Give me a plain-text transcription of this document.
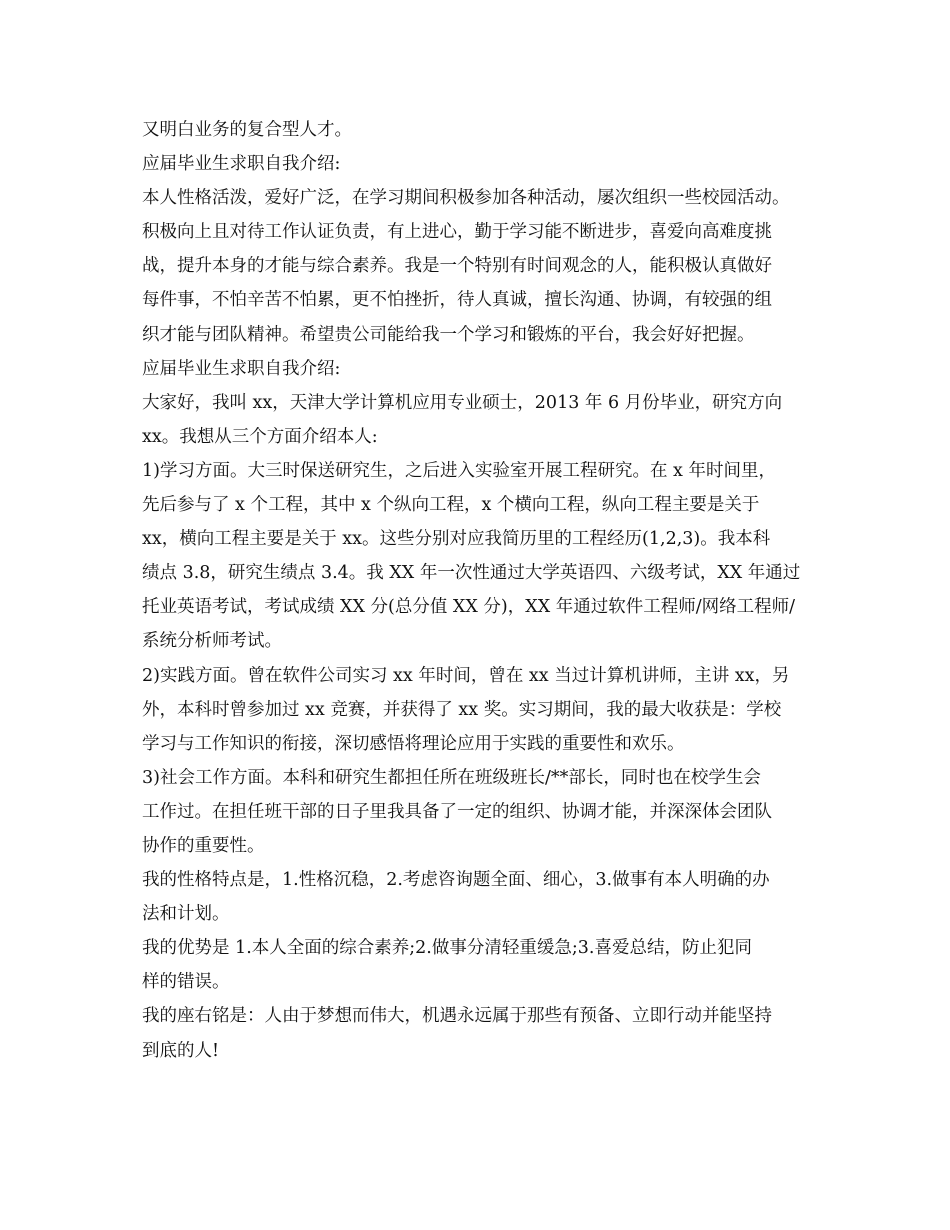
又明白业务的复合型人才。
应届毕业生求职自我介绍:
本人性格活泼，爱好广泛，在学习期间积极参加各种活动，屡次组织一些校园活动。
积极向上且对待工作认证负责，有上进心，勤于学习能不断进步，喜爱向高难度挑
战，提升本身的才能与综合素养。我是一个特别有时间观念的人，能积极认真做好
每件事，不怕辛苦不怕累，更不怕挫折，待人真诚，擅长沟通、协调，有较强的组
织才能与团队精神。希望贵公司能给我一个学习和锻炼的平台，我会好好把握。
应届毕业生求职自我介绍:
大家好，我叫 xx，天津大学计算机应用专业硕士，2013 年 6 月份毕业，研究方向
xx。我想从三个方面介绍本人:
1)学习方面。大三时保送研究生，之后进入实验室开展工程研究。在 x 年时间里，
先后参与了 x 个工程，其中 x 个纵向工程，x 个横向工程，纵向工程主要是关于
xx，横向工程主要是关于 xx。这些分别对应我简历里的工程经历(1,2,3)。我本科
绩点 3.8，研究生绩点 3.4。我 XX 年一次性通过大学英语四、六级考试，XX 年通过
托业英语考试，考试成绩 XX 分(总分值 XX 分)，XX 年通过软件工程师/网络工程师/
系统分析师考试。
2)实践方面。曾在软件公司实习 xx 年时间，曾在 xx 当过计算机讲师，主讲 xx，另
外，本科时曾参加过 xx 竞赛，并获得了 xx 奖。实习期间，我的最大收获是：学校
学习与工作知识的衔接，深切感悟将理论应用于实践的重要性和欢乐。
3)社会工作方面。本科和研究生都担任所在班级班长/**部长，同时也在校学生会
工作过。在担任班干部的日子里我具备了一定的组织、协调才能，并深深体会团队
协作的重要性。
我的性格特点是，1.性格沉稳，2.考虑咨询题全面、细心，3.做事有本人明确的办
法和计划。
我的优势是 1.本人全面的综合素养;2.做事分清轻重缓急;3.喜爱总结，防止犯同
样的错误。
我的座右铭是：人由于梦想而伟大，机遇永远属于那些有预备、立即行动并能坚持
到底的人!
